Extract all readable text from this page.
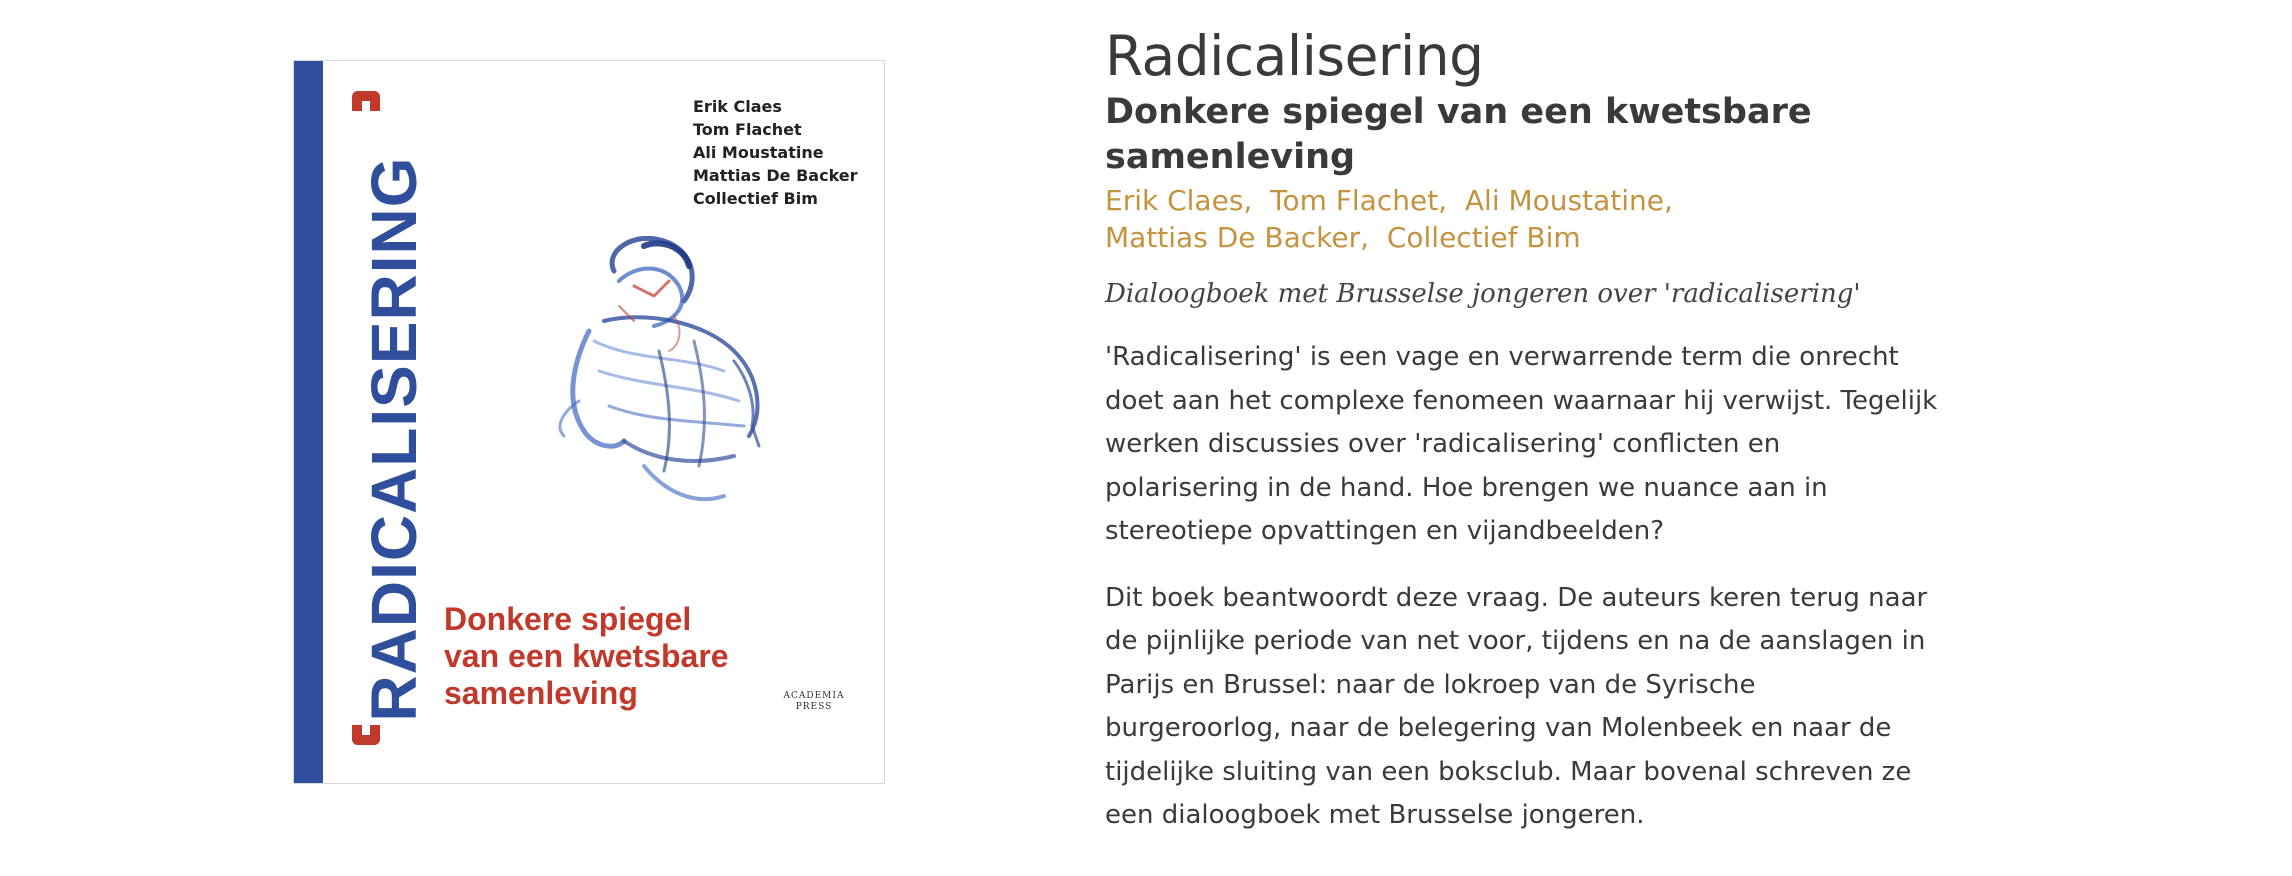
RADICALISERING
Erik Claes
Tom Flachet
Ali Moustatine
Mattias De Backer
Collectief Bim
Donkere spiegel
van een kwetsbare
samenleving	ACADEMIA
PRESS
Radicalisering
Donkere spiegel van een kwetsbare samenleving
Erik Claes, Tom Flachet, Ali Moustatine, Mattias De Backer, Collectief Bim

Dialoogboek met Brusselse jongeren over 'radicalisering'

'Radicalisering' is een vage en verwarrende term die onrecht
doet aan het complexe fenomeen waarnaar hij verwijst. Tegelijk
werken discussies over 'radicalisering' conflicten en
polarisering in de hand. Hoe brengen we nuance aan in
stereotiepe opvattingen en vijandbeelden?

Dit boek beantwoordt deze vraag. De auteurs keren terug naar
de pijnlijke periode van net voor, tijdens en na de aanslagen in
Parijs en Brussel: naar de lokroep van de Syrische
burgeroorlog, naar de belegering van Molenbeek en naar de
tijdelijke sluiting van een boksclub. Maar bovenal schreven ze
een dialoogboek met Brusselse jongeren.
